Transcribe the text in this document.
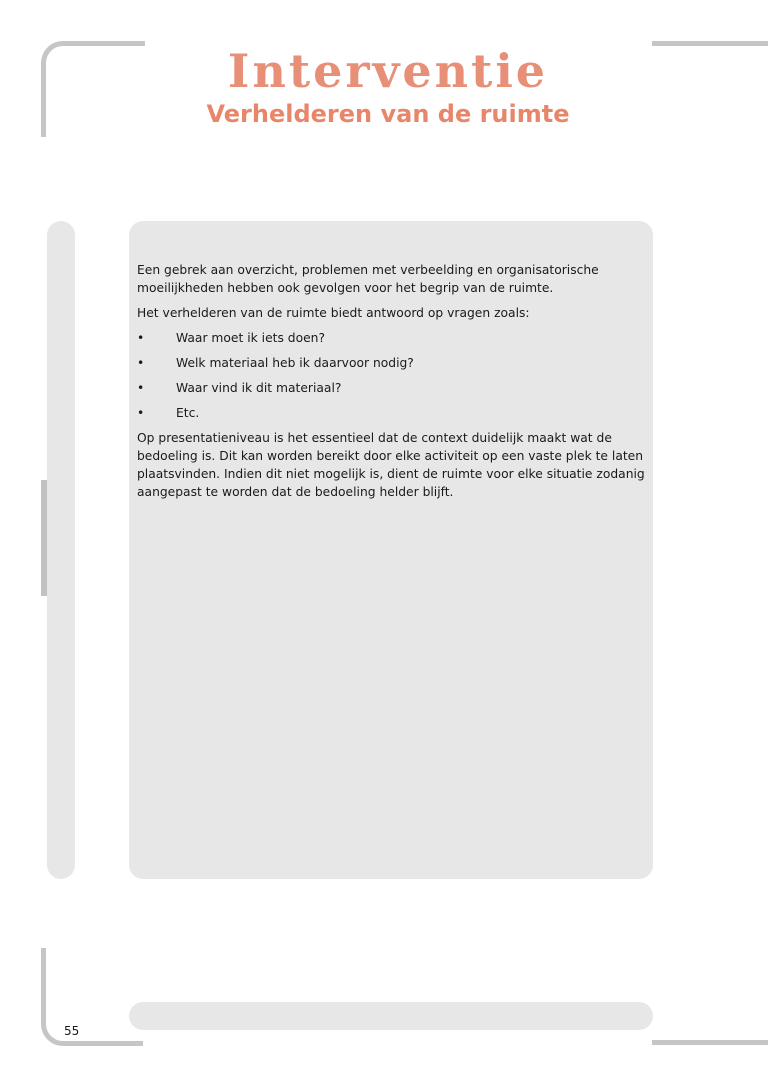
Interventie
Verhelderen van de ruimte

Een gebrek aan overzicht, problemen met verbeelding en organisatorische moeilijkheden hebben ook gevolgen voor het begrip van de ruimte.

Het verhelderen van de ruimte biedt antwoord op vragen zoals:

•	Waar moet ik iets doen?
•	Welk materiaal heb ik daarvoor nodig?
•	Waar vind ik dit materiaal?
•	Etc.

Op presentatieniveau is het essentieel dat de context duidelijk maakt wat de bedoeling is. Dit kan worden bereikt door elke activiteit op een vaste plek te laten plaatsvinden. Indien dit niet mogelijk is, dient de ruimte voor elke situatie zodanig aangepast te worden dat de bedoeling helder blijft.

55
